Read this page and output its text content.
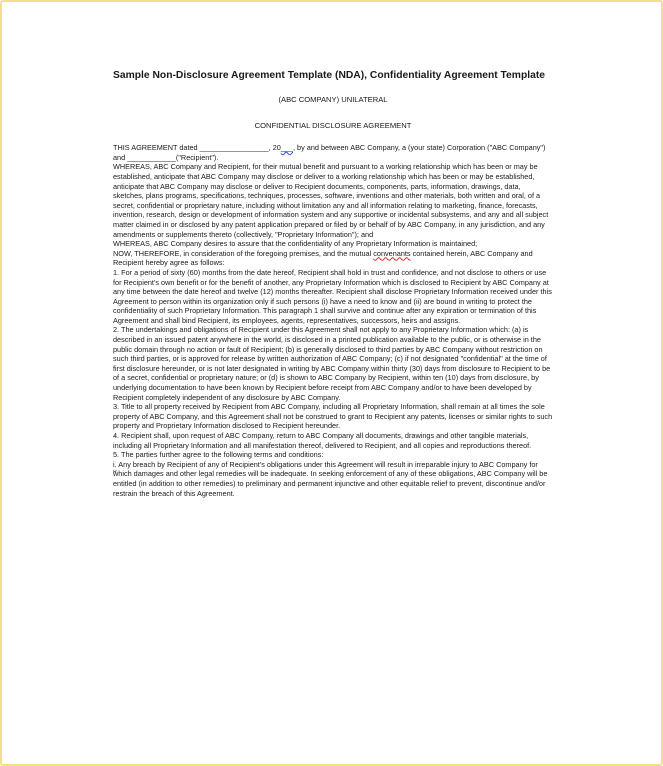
Sample Non-Disclosure Agreement Template (NDA), Confidentiality Agreement Template

(ABC COMPANY) UNILATERAL

CONFIDENTIAL DISCLOSURE AGREEMENT

THIS AGREEMENT dated _________________, 20___, by and between ABC Company, a (your state) Corporation ("ABC Company") and ____________("Recipient").

WHEREAS, ABC Company and Recipient, for their mutual benefit and pursuant to a working relationship which has been or may be established, anticipate that ABC Company may disclose or deliver to a working relationship which has been or may be established, anticipate that ABC Company may disclose or deliver to Recipient documents, components, parts, information, drawings, data, sketches, plans programs, specifications, techniques, processes, software, inventions and other materials, both written and oral, of a secret, confidential or proprietary nature, including without limitation any and all information relating to marketing, finance, forecasts, invention, research, design or development of information system and any supportive or incidental subsystems, and any and all subject matter claimed in or disclosed by any patent application prepared or filed by or behalf of by ABC Company, in any jurisdiction, and any amendments or supplements thereto (collectively, "Proprietary Information"); and

WHEREAS, ABC Company desires to assure that the confidentiality of any Proprietary Information is maintained;

NOW, THEREFORE, in consideration of the foregoing premises, and the mutual convenants contained herein, ABC Company and Recipient hereby agree as follows:

1. For a period of sixty (60) months from the date hereof, Recipient shall hold in trust and confidence, and not disclose to others or use for Recipient's own benefit or for the benefit of another, any Proprietary Information which is disclosed to Recipient by ABC Company at any time between the date hereof and twelve (12) months thereafter. Recipient shall disclose Proprietary Information received under this Agreement to person within its organization only if such persons (i) have a need to know and (ii) are bound in writing to protect the confidentiality of such Proprietary Information. This paragraph 1 shall survive and continue after any expiration or termination of this Agreement and shall bind Recipient, its employees, agents, representatives, successors, heirs and assigns.

2. The undertakings and obligations of Recipient under this Agreement shall not apply to any Proprietary Information which: (a) is described in an issued patent anywhere in the world, is disclosed in a printed publication available to the public, or is otherwise in the public domain through no action or fault of Recipient; (b) is generally disclosed to third parties by ABC Company without restriction on such third parties, or is approved for release by written authorization of ABC Company; (c) if not designated "confidential" at the time of first disclosure hereunder, or is not later designated in writing by ABC Company within thirty (30) days from disclosure to Recipient to be of a secret, confidential or proprietary nature; or (d) is shown to ABC Company by Recipient, within ten (10) days from disclosure, by underlying documentation to have been known by Recipient before receipt from ABC Company and/or to have been developed by Recipient completely independent of any disclosure by ABC Company.

3. Title to all property received by Recipient from ABC Company, including all Proprietary Information, shall remain at all times the sole property of ABC Company, and this Agreement shall not be construed to grant to Recipient any patents, licenses or similar rights to such property and Proprietary Information disclosed to Recipient hereunder.

4. Recipient shall, upon request of ABC Company, return to ABC Company all documents, drawings and other tangible materials, including all Proprietary Information and all manifestation thereof, delivered to Recipient, and all copies and reproductions thereof.

5. The parties further agree to the following terms and conditions:

i. Any breach by Recipient of any of Recipient's obligations under this Agreement will result in irreparable injury to ABC Company for which damages and other legal remedies will be inadequate. In seeking enforcement of any of these obligations, ABC Company will be entitled (in addition to other remedies) to preliminary and permanent injunctive and other equitable relief to prevent, discontinue and/or restrain the breach of this Agreement.
